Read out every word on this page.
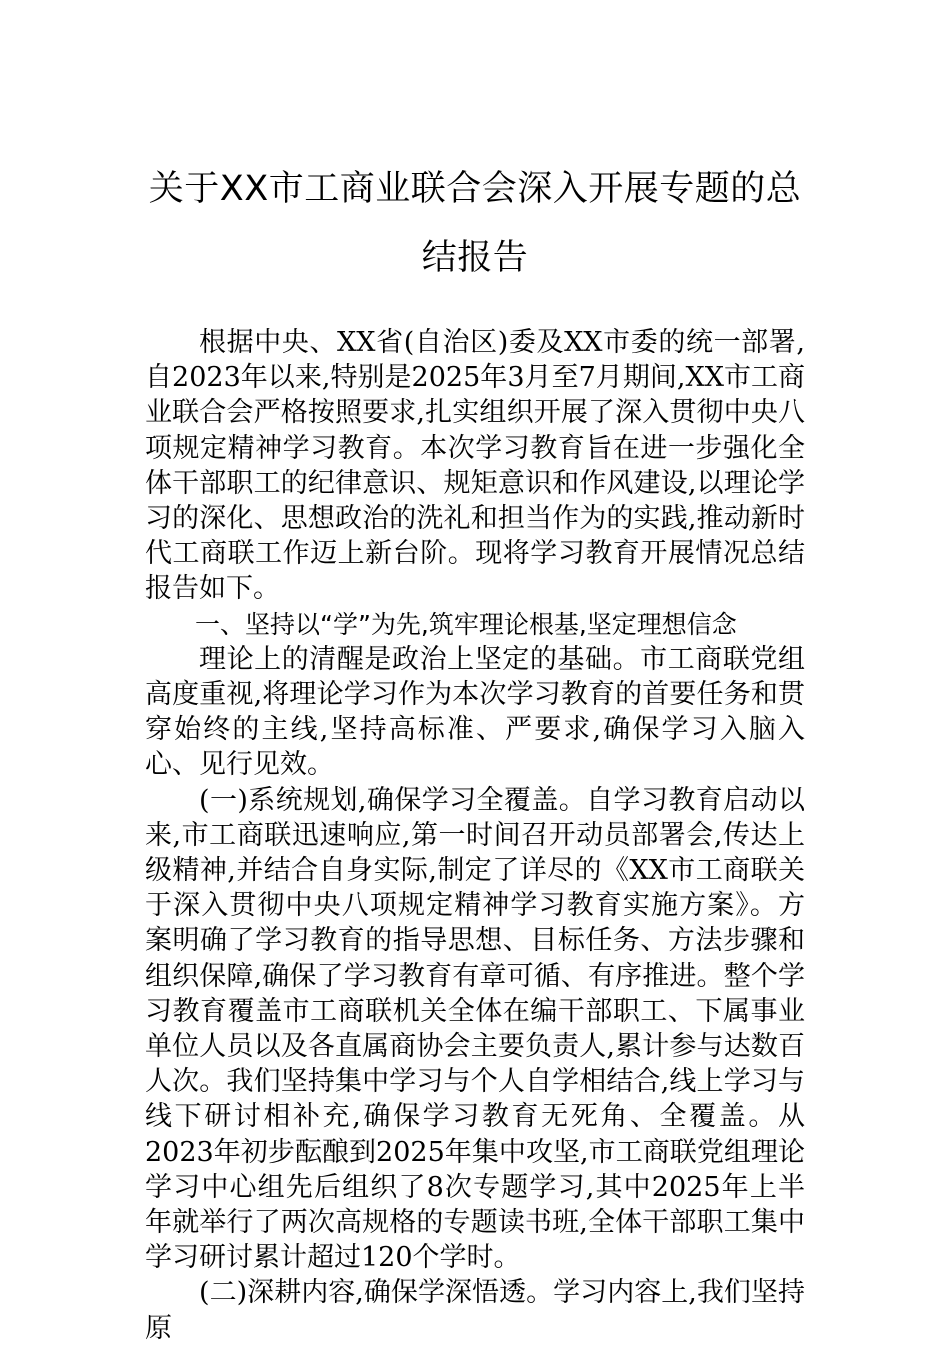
关于XX市工商业联合会深入开展专题的总
结报告

根据中央、XX省(自治区)委及XX市委的统一部署,自2023年以来,特别是2025年3月至7月期间,XX市工商业联合会严格按照要求,扎实组织开展了深入贯彻中央八项规定精神学习教育。本次学习教育旨在进一步强化全体干部职工的纪律意识、规矩意识和作风建设,以理论学习的深化、思想政治的洗礼和担当作为的实践,推动新时代工商联工作迈上新台阶。现将学习教育开展情况总结报告如下。

一、坚持以“学”为先,筑牢理论根基,坚定理想信念

理论上的清醒是政治上坚定的基础。市工商联党组高度重视,将理论学习作为本次学习教育的首要任务和贯穿始终的主线,坚持高标准、严要求,确保学习入脑入心、见行见效。

(一)系统规划,确保学习全覆盖。自学习教育启动以来,市工商联迅速响应,第一时间召开动员部署会,传达上级精神,并结合自身实际,制定了详尽的《XX市工商联关于深入贯彻中央八项规定精神学习教育实施方案》。方案明确了学习教育的指导思想、目标任务、方法步骤和组织保障,确保了学习教育有章可循、有序推进。整个学习教育覆盖市工商联机关全体在编干部职工、下属事业单位人员以及各直属商协会主要负责人,累计参与达数百人次。我们坚持集中学习与个人自学相结合,线上学习与线下研讨相补充,确保学习教育无死角、全覆盖。从2023年初步酝酿到2025年集中攻坚,市工商联党组理论学习中心组先后组织了8次专题学习,其中2025年上半年就举行了两次高规格的专题读书班,全体干部职工集中学习研讨累计超过120个学时。

(二)深耕内容,确保学深悟透。学习内容上,我们坚持原
